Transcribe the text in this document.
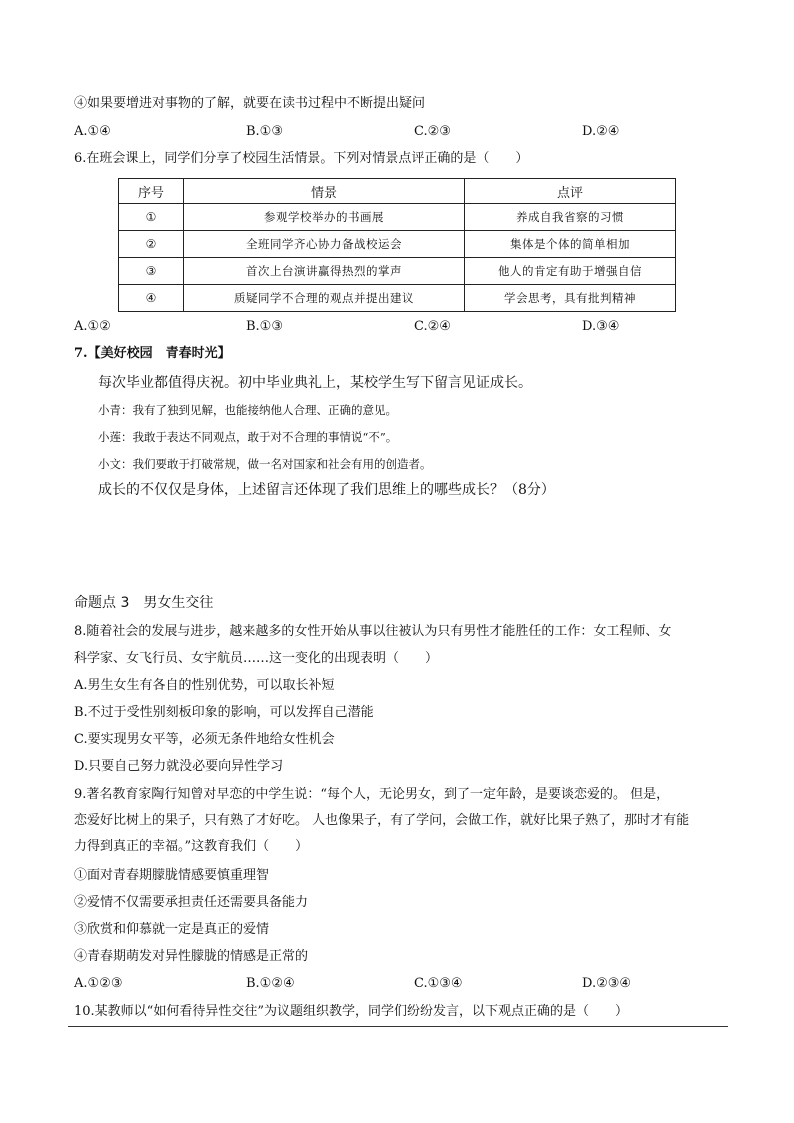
④如果要增进对事物的了解，就要在读书过程中不断提出疑问
A.①④	B.①③	C.②③	D.②④
6.在班会课上，同学们分享了校园生活情景。下列对情景点评正确的是（　　）
序号	情景	点评
①	参观学校举办的书画展	养成自我省察的习惯
②	全班同学齐心协力备战校运会	集体是个体的简单相加
③	首次上台演讲赢得热烈的掌声	他人的肯定有助于增强自信
④	质疑同学不合理的观点并提出建议	学会思考，具有批判精神
A.①②	B.①③	C.②④	D.③④
7.【美好校园　青春时光】
每次毕业都值得庆祝。初中毕业典礼上，某校学生写下留言见证成长。
小青：我有了独到见解，也能接纳他人合理、正确的意见。
小莲：我敢于表达不同观点，敢于对不合理的事情说“不”。
小文：我们要敢于打破常规，做一名对国家和社会有用的创造者。
成长的不仅仅是身体，上述留言还体现了我们思维上的哪些成长？（8分）
命题点 3　男女生交往
8.随着社会的发展与进步，越来越多的女性开始从事以往被认为只有男性才能胜任的工作：女工程师、女
科学家、女飞行员、女宇航员……这一变化的出现表明（　　）
A.男生女生有各自的性别优势，可以取长补短
B.不过于受性别刻板印象的影响，可以发挥自己潜能
C.要实现男女平等，必须无条件地给女性机会
D.只要自己努力就没必要向异性学习
9.著名教育家陶行知曾对早恋的中学生说：“每个人，无论男女，到了一定年龄，是要谈恋爱的。 但是，
恋爱好比树上的果子，只有熟了才好吃。 人也像果子，有了学问，会做工作，就好比果子熟了，那时才有能
力得到真正的幸福。”这教育我们（　　）
①面对青春期朦胧情感要慎重理智
②爱情不仅需要承担责任还需要具备能力
③欣赏和仰慕就一定是真正的爱情
④青春期萌发对异性朦胧的情感是正常的
A.①②③	B.①②④	C.①③④	D.②③④
10.某教师以“如何看待异性交往”为议题组织教学，同学们纷纷发言，以下观点正确的是（　　）
